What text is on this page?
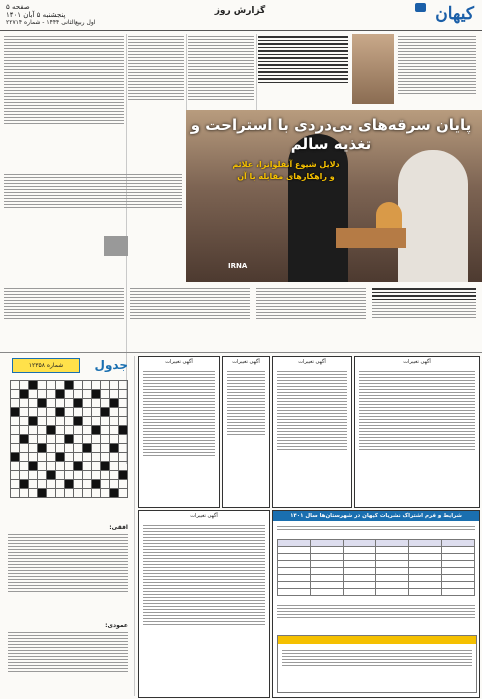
کیهان
گزارش روز
صفحه ۵
پنجشنبه ۵ آبان ۱۴۰۱
اول ربیع‌الثانی ۱۴۴۴ - شماره ۲۲۷۱۴
پایان سرقه‌های بی‌دردی با استراحت و تغذیه سالم
دلایل شیوع آنفلوانزا، علائم
و راهکارهای مقابله با آن
IRNA
جدول
شماره ۱۲۳۵۸

افقی:
عمودی:
آگهی تغییرات	آگهی تغییرات	آگهی تغییرات	آگهی تغییرات
آگهی تغییرات	شرایط و فرم اشتراک نشریات کیهان در شهرستان‌ها سال ۱۴۰۱
